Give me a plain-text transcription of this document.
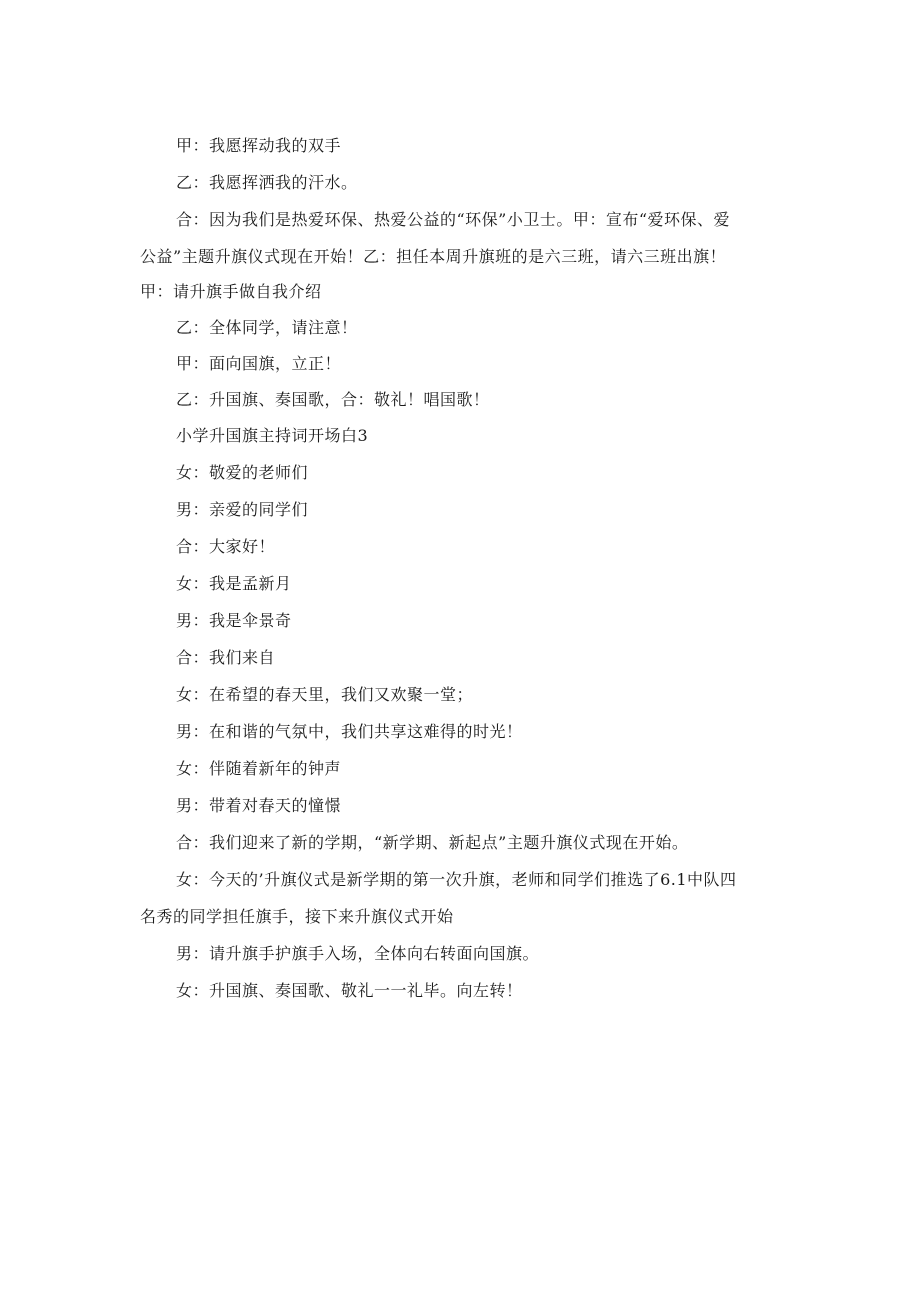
甲：我愿挥动我的双手
乙：我愿挥洒我的汗水。
合：因为我们是热爱环保、热爱公益的“环保”小卫士。甲：宣布“爱环保、爱
公益”主题升旗仪式现在开始！乙：担任本周升旗班的是六三班，请六三班出旗！
甲：请升旗手做自我介绍
乙：全体同学，请注意！
甲：面向国旗，立正！
乙：升国旗、奏国歌，合：敬礼！唱国歌！
小学升国旗主持词开场白3
女：敬爱的老师们
男：亲爱的同学们
合：大家好！
女：我是孟新月
男：我是伞景奇
合：我们来自
女：在希望的春天里，我们又欢聚一堂；
男：在和谐的气氛中，我们共享这难得的时光！
女：伴随着新年的钟声
男：带着对春天的憧憬
合：我们迎来了新的学期，“新学期、新起点”主题升旗仪式现在开始。
女：今天的’升旗仪式是新学期的第一次升旗，老师和同学们推选了6.1中队四
名秀的同学担任旗手，接下来升旗仪式开始
男：请升旗手护旗手入场，全体向右转面向国旗。
女：升国旗、奏国歌、敬礼一一礼毕。向左转！
